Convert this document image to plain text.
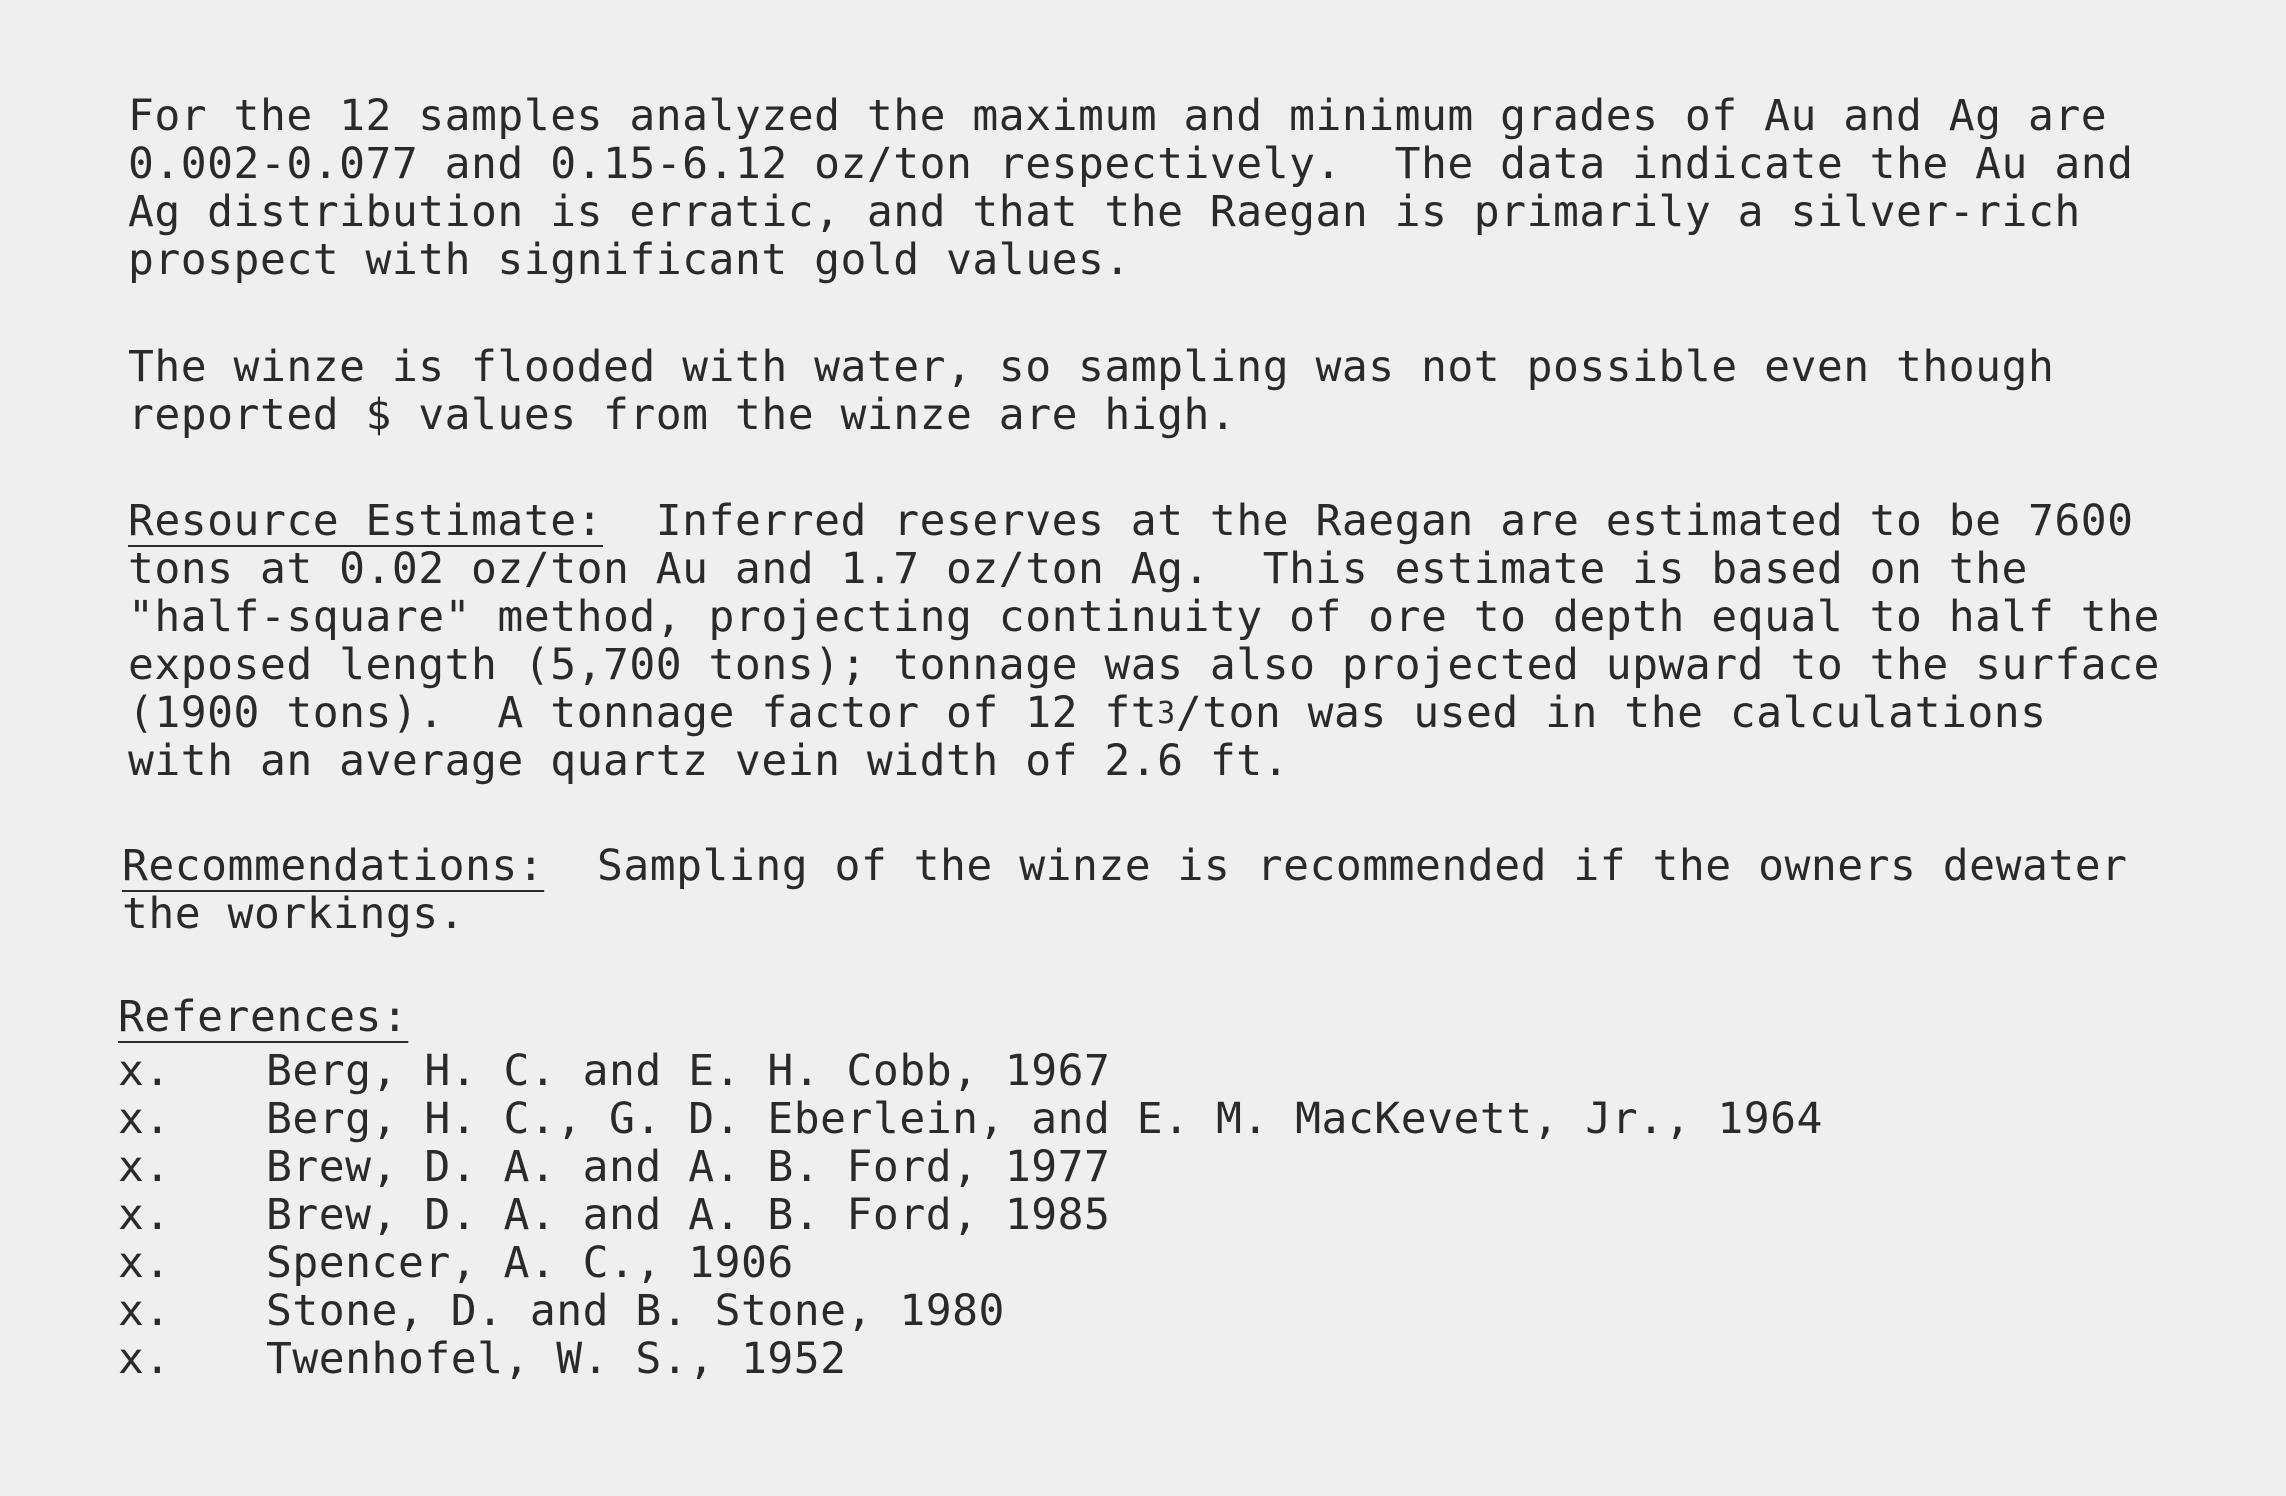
For the 12 samples analyzed the maximum and minimum grades of Au and Ag are
0.002-0.077 and 0.15-6.12 oz/ton respectively.  The data indicate the Au and
Ag distribution is erratic, and that the Raegan is primarily a silver-rich
prospect with significant gold values.

The winze is flooded with water, so sampling was not possible even though
reported $ values from the winze are high.

Resource Estimate:  Inferred reserves at the Raegan are estimated to be 7600
tons at 0.02 oz/ton Au and 1.7 oz/ton Ag.  This estimate is based on the
"half-square" method, projecting continuity of ore to depth equal to half the
exposed length (5,700 tons); tonnage was also projected upward to the surface
(1900 tons).  A tonnage factor of 12 $ft^3$/ton was used in the calculations
with an average quartz vein width of 2.6 ft.

Recommendations:  Sampling of the winze is recommended if the owners dewater
the workings.

References:

x. Berg, H. C. and E. H. Cobb, 1967
x. Berg, H. C., G. D. Eberlein, and E. M. MacKevett, Jr., 1964
x. Brew, D. A. and A. B. Ford, 1977
x. Brew, D. A. and A. B. Ford, 1985
x. Spencer, A. C., 1906
x. Stone, D. and B. Stone, 1980
x. Twenhofel, W. S., 1952
